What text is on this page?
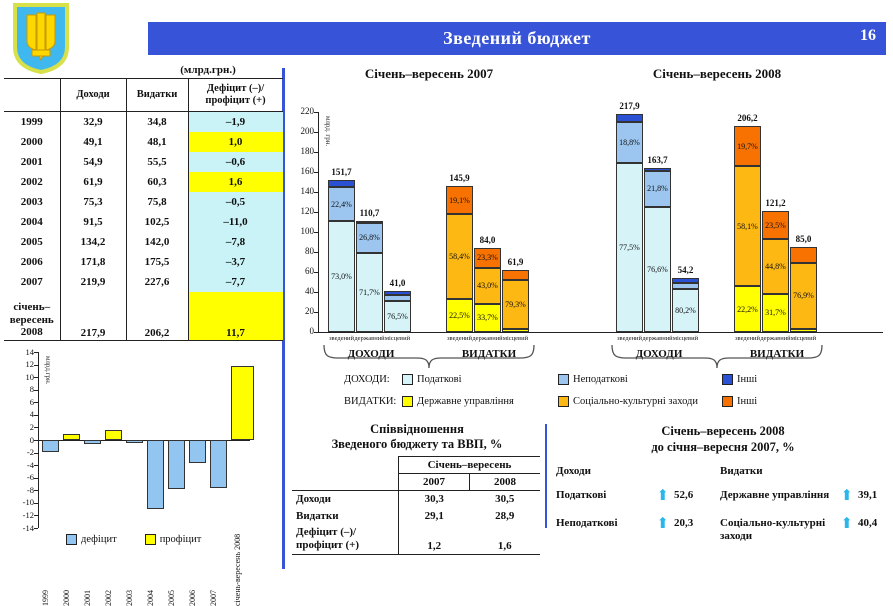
Зведений бюджет	16
(млрд.грн.)
	Доходи	Видатки	Дефіцит (–)/
профіцит (+)
1999	32,9	34,8	–1,9
2000	49,1	48,1	1,0
2001	54,9	55,5	–0,6
2002	61,9	60,3	1,6
2003	75,3	75,8	–0,5
2004	91,5	102,5	–11,0
2005	134,2	142,0	–7,8
2006	171,8	175,5	–3,7
2007	219,9	227,6	–7,7
січень–
вересень
2008	217,9	206,2	11,7
Січень–вересень 2007	Січень–вересень 2008
млрд. грн.
73,0%
22,4%
151,7
зведений
71,7%
26,8%
110,7
державний
76,5%
41,0
місцевий
22,5%
58,4%
19,1%
145,9
зведений
33,7%
43,0%
23,3%
84,0
державний
79,3%
61,9
місцевий
77,5%
18,8%
217,9
зведений
76,6%
21,8%
163,7
державний
80,2%
54,2
місцевий
22,2%
58,1%
19,7%
206,2
зведений
31,7%
44,8%
23,5%
121,2
державний
76,9%
85,0
місцевий
ДОХОДИ	ВИДАТКИ	ДОХОДИ	ВИДАТКИ
ДОХОДИ:	Податкові	Неподаткові	Інші
ВИДАТКИ: Державне управління	Соціально-культурні заходи	Інші
0
20
40
60
80
100
120
140
160
180
200
220
млрд.грн.
дефіцит	профіцит
14
12
10
8
6
4
2
0
-2
-4
-6
-8
-10
-12
-14
1999 2000 2001 2002 2003 2004 2005 2006 2007 січень-вересень 2008
Співвідношення
Зведеного бюджету та ВВП, %
	Січень–вересень	
	2007	2008
Доходи	30,3	30,5
Видатки	29,1	28,9
Дефіцит (–)/
профіцит (+)	1,2	1,6
Січень–вересень 2008
до січня–вересня 2007, %
Доходи
Податкові	⬆ 52,6
Неподаткові	⬆ 20,3
Видатки
Державне управління ⬆ 39,1
Соціально-культурні заходи
⬆ 40,4
